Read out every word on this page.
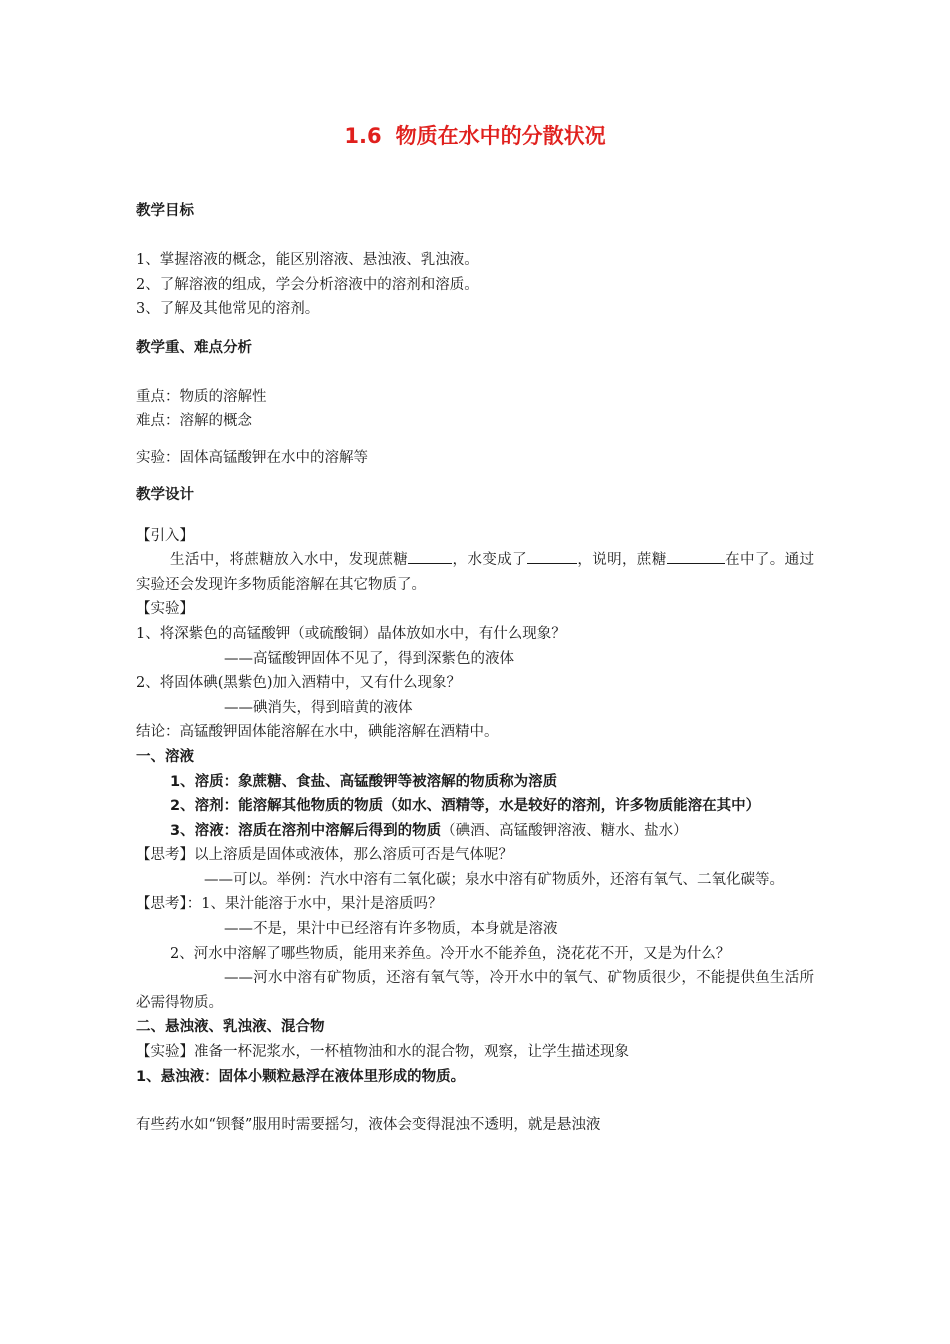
1.6 物质在水中的分散状况
教学目标
1、掌握溶液的概念，能区别溶液、悬浊液、乳浊液。
2、了解溶液的组成，学会分析溶液中的溶剂和溶质。
3、了解及其他常见的溶剂。
教学重、难点分析
重点：物质的溶解性
难点：溶解的概念
实验：固体高锰酸钾在水中的溶解等
教学设计
【引入】
生活中，将蔗糖放入水中，发现蔗糖	，水变成了	，说明，蔗糖	在中了。通过实验还会发现许多物质能溶解在其它物质了。
【实验】
1、将深紫色的高锰酸钾（或硫酸铜）晶体放如水中，有什么现象？
——高锰酸钾固体不见了，得到深紫色的液体
2、将固体碘(黑紫色)加入酒精中，又有什么现象？
——碘消失，得到暗黄的液体
结论：高锰酸钾固体能溶解在水中，碘能溶解在酒精中。
一、溶液
1、溶质：象蔗糖、食盐、高锰酸钾等被溶解的物质称为溶质
2、溶剂：能溶解其他物质的物质（如水、酒精等，水是较好的溶剂，许多物质能溶在其中）
3、溶液：溶质在溶剂中溶解后得到的物质（碘酒、高锰酸钾溶液、糖水、盐水）
【思考】以上溶质是固体或液体，那么溶质可否是气体呢？
——可以。举例：汽水中溶有二氧化碳；泉水中溶有矿物质外，还溶有氧气、二氧化碳等。
【思考】：1、果汁能溶于水中，果汁是溶质吗？
——不是，果汁中已经溶有许多物质，本身就是溶液
2、河水中溶解了哪些物质，能用来养鱼。冷开水不能养鱼，浇花花不开，又是为什么？
——河水中溶有矿物质，还溶有氧气等，冷开水中的氧气、矿物质很少，不能提供鱼生活所必需得物质。
二、悬浊液、乳浊液、混合物
【实验】准备一杯泥浆水，一杯植物油和水的混合物，观察，让学生描述现象
1、悬浊液：固体小颗粒悬浮在液体里形成的物质。
有些药水如“钡餐”服用时需要摇匀，液体会变得混浊不透明，就是悬浊液
